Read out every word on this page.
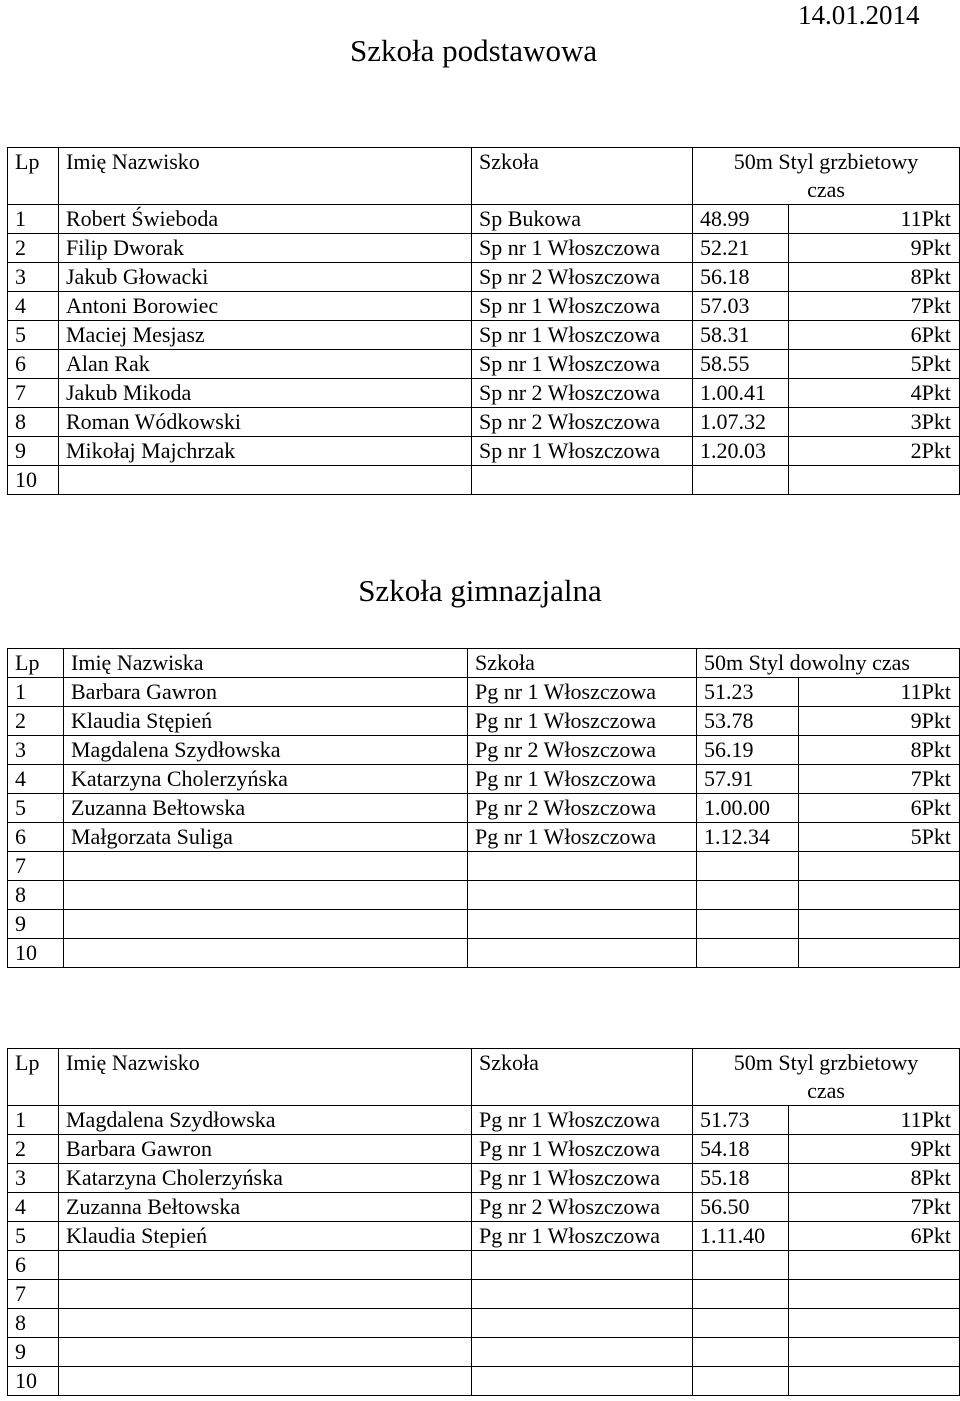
14.01.2014
Szkoła podstawowa
Lp	Imię Nazwisko	Szkoła	50m Styl grzbietowy
czas	

1	Robert Świeboda	Sp Bukowa	48.99	11Pkt
2	Filip Dworak	Sp nr 1 Włoszczowa	52.21	9Pkt
3	Jakub Głowacki	Sp nr 2 Włoszczowa	56.18	8Pkt
4	Antoni Borowiec	Sp nr 1 Włoszczowa	57.03	7Pkt
5	Maciej Mesjasz	Sp nr 1 Włoszczowa	58.31	6Pkt
6	Alan Rak	Sp nr 1 Włoszczowa	58.55	5Pkt
7	Jakub Mikoda	Sp nr 2 Włoszczowa	1.00.41	4Pkt
8	Roman Wódkowski	Sp nr 2 Włoszczowa	1.07.32	3Pkt
9	Mikołaj Majchrzak	Sp nr 1 Włoszczowa	1.20.03	2Pkt
10				
Szkoła gimnazjalna
Lp	Imię Nazwiska	Szkoła	50m Styl dowolny czas	
1	Barbara Gawron	Pg nr 1 Włoszczowa	51.23	11Pkt
2	Klaudia Stępień	Pg nr 1 Włoszczowa	53.78	9Pkt
3	Magdalena Szydłowska	Pg nr 2 Włoszczowa	56.19	8Pkt
4	Katarzyna Cholerzyńska	Pg nr 1 Włoszczowa	57.91	7Pkt
5	Zuzanna Bełtowska	Pg nr 2 Włoszczowa	1.00.00	6Pkt
6	Małgorzata Suliga	Pg nr 1 Włoszczowa	1.12.34	5Pkt
7				
8				
9				
10				
Lp	Imię Nazwisko	Szkoła	50m Styl grzbietowy
czas	

1	Magdalena Szydłowska	Pg nr 1 Włoszczowa	51.73	11Pkt
2	Barbara Gawron	Pg nr 1 Włoszczowa	54.18	9Pkt
3	Katarzyna Cholerzyńska	Pg nr 1 Włoszczowa	55.18	8Pkt
4	Zuzanna Bełtowska	Pg nr 2 Włoszczowa	56.50	7Pkt
5	Klaudia Stepień	Pg nr 1 Włoszczowa	1.11.40	6Pkt
6				
7				
8				
9				
10				
